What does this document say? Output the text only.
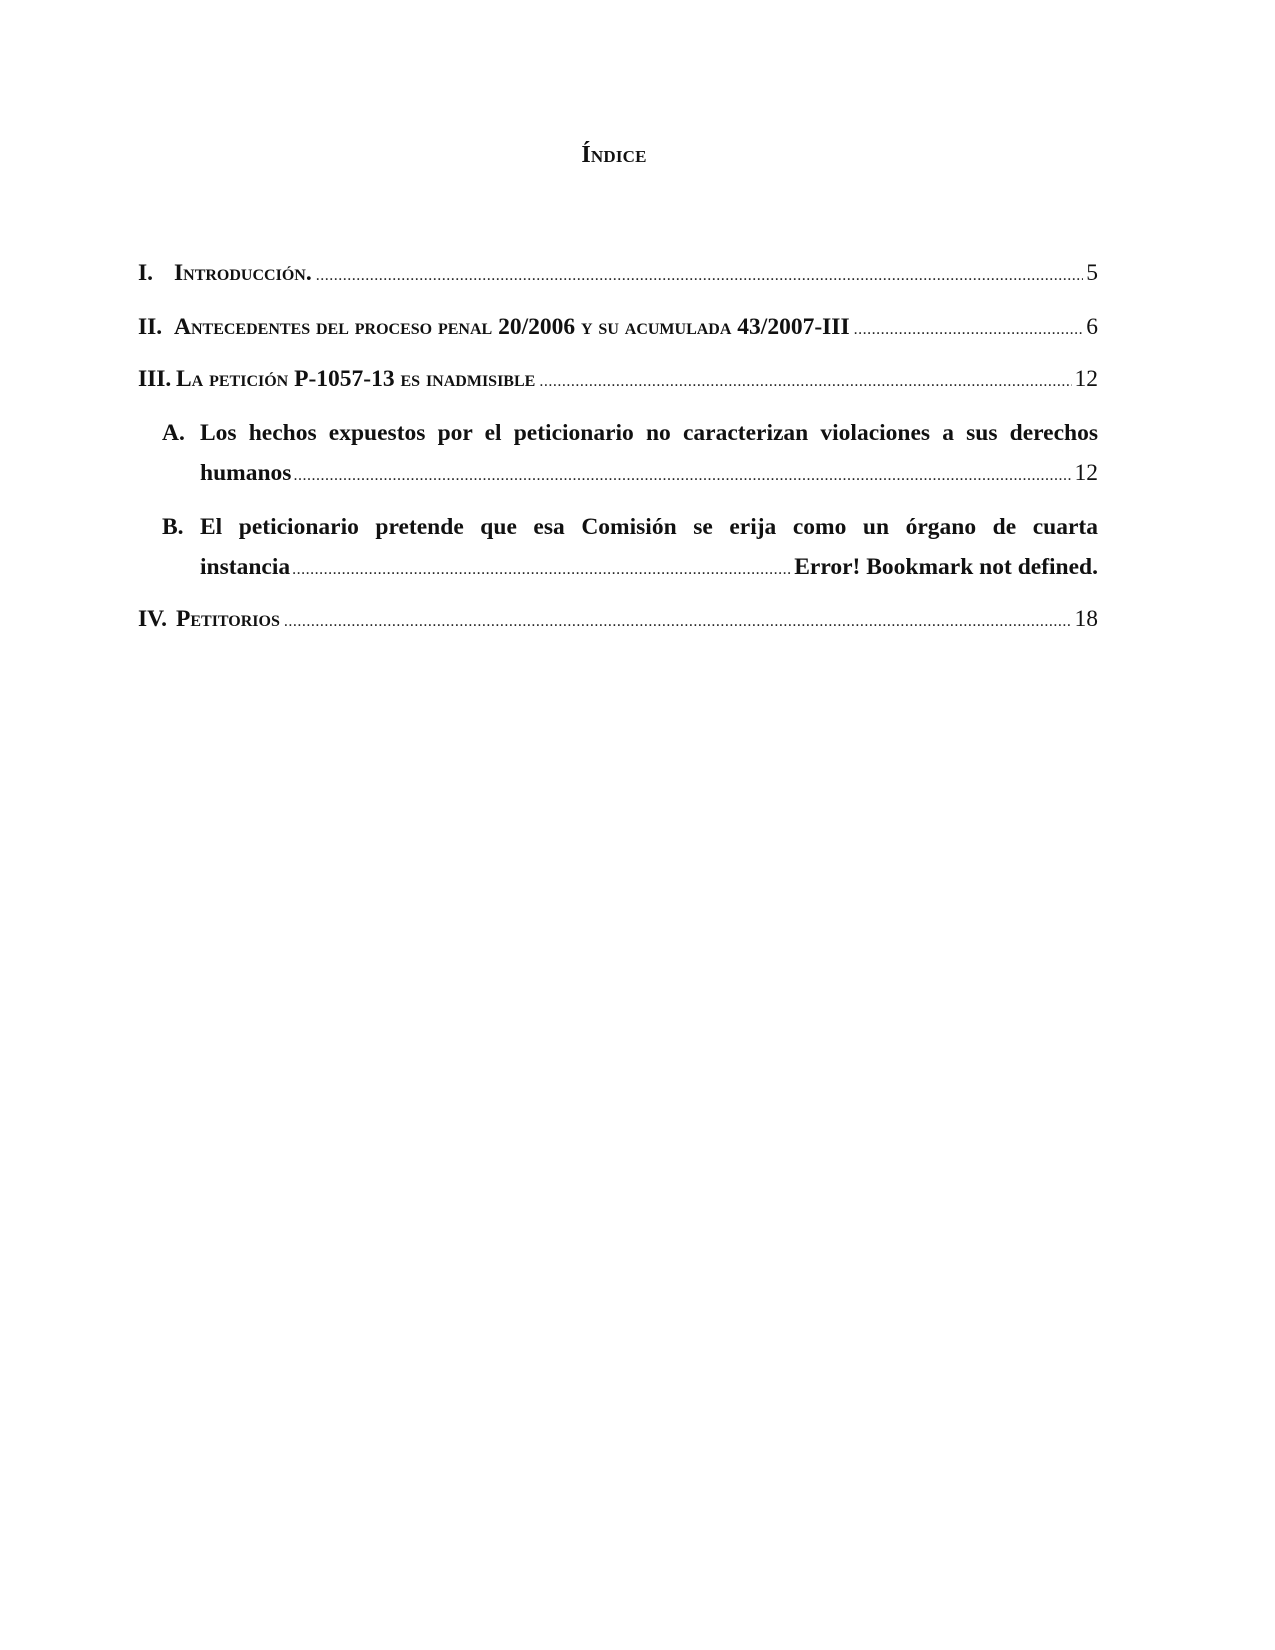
Índice
I. Introducción. .....	5
II. Antecedentes del proceso penal 20/2006 y su acumulada 43/2007-III .....	6
III. La petición P-1057-13 es inadmisible .....	12
A. Los hechos expuestos por el peticionario no caracterizan violaciones a sus derechos
humanos .....	12
B. El peticionario pretende que esa Comisión se erija como un órgano de cuarta
instancia .....	Error! Bookmark not defined.
IV. Petitorios .....	18
